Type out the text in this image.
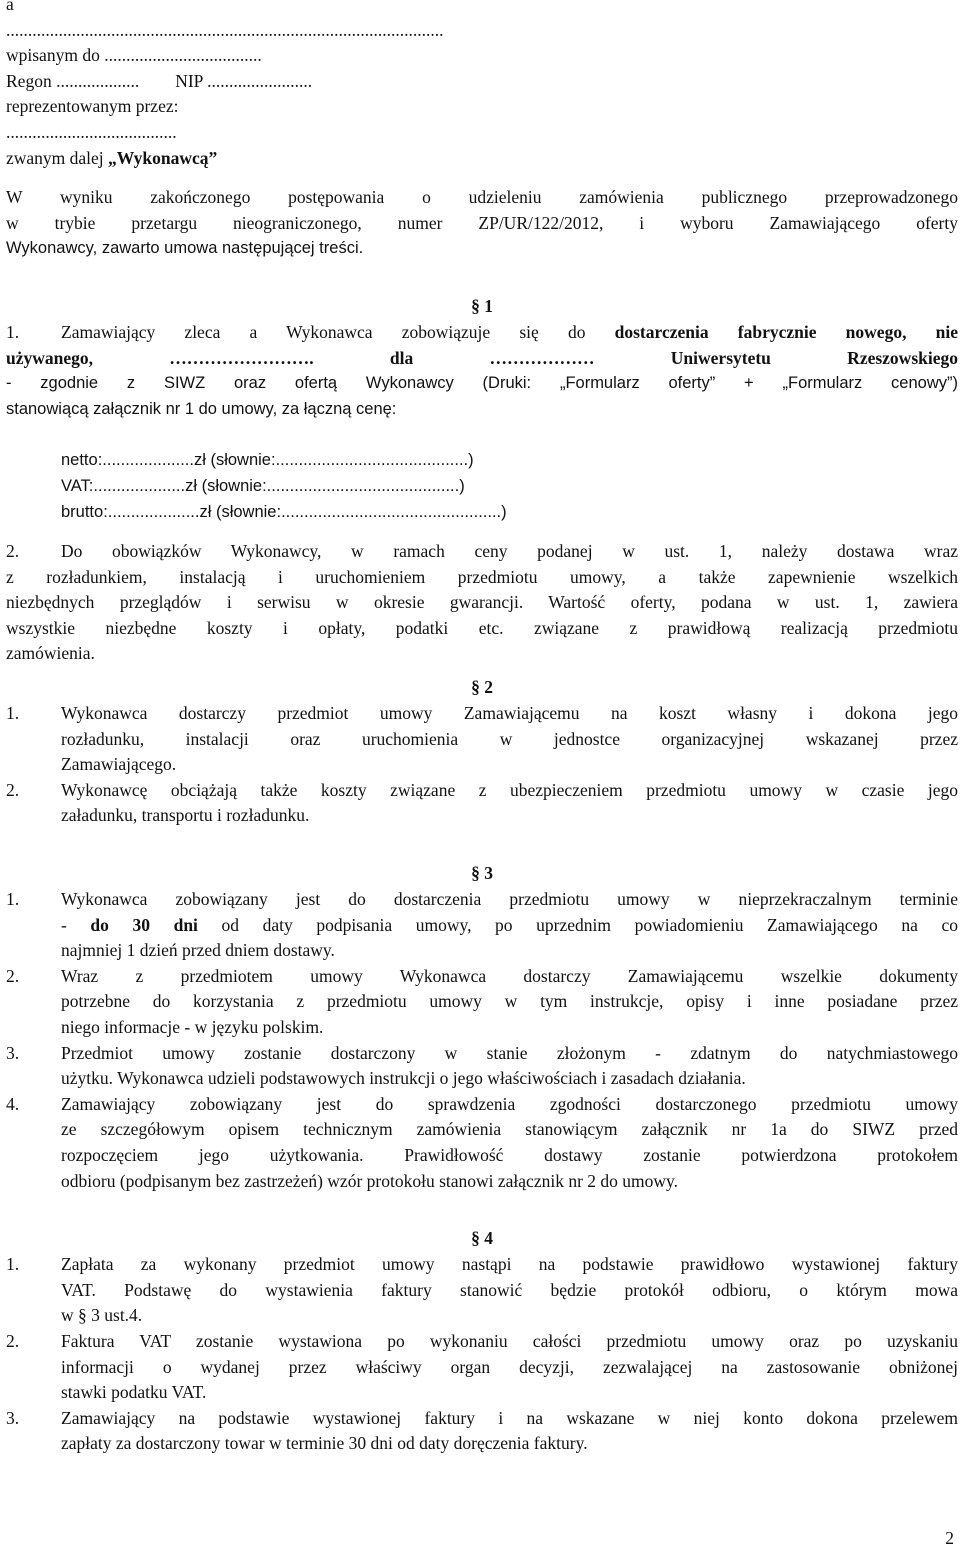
a
....................................................................................................
wpisanym do ....................................
Regon ................... NIP ........................
reprezentowanym przez:
.......................................
zwanym dalej „Wykonawcą”
W wyniku zakończonego postępowania o udzieleniu zamówienia publicznego przeprowadzonego
w trybie przetargu nieograniczonego, numer ZP/UR/122/2012, i wyboru Zamawiającego oferty
Wykonawcy, zawarto umowa następującej treści.
§ 1
1. Zamawiający zleca a Wykonawca zobowiązuje się do dostarczenia fabrycznie nowego, nie
używanego, ……………………. dla ……………… Uniwersytetu Rzeszowskiego
- zgodnie z SIWZ oraz ofertą Wykonawcy (Druki: „Formularz oferty” + „Formularz cenowy”)
stanowiącą załącznik nr 1 do umowy, za łączną cenę:
netto:....................zł (słownie:..........................................)
VAT:....................zł (słownie:..........................................)
brutto:....................zł (słownie:................................................)
2. Do obowiązków Wykonawcy, w ramach ceny podanej w ust. 1, należy dostawa wraz
z rozładunkiem, instalacją i uruchomieniem przedmiotu umowy, a także zapewnienie wszelkich
niezbędnych przeglądów i serwisu w okresie gwarancji. Wartość oferty, podana w ust. 1, zawiera
wszystkie niezbędne koszty i opłaty, podatki etc. związane z prawidłową realizacją przedmiotu
zamówienia.
§ 2
1. Wykonawca dostarczy przedmiot umowy Zamawiającemu na koszt własny i dokona jego
rozładunku, instalacji oraz uruchomienia w jednostce organizacyjnej wskazanej przez
Zamawiającego.
2. Wykonawcę obciążają także koszty związane z ubezpieczeniem przedmiotu umowy w czasie jego
załadunku, transportu i rozładunku.
§ 3
1. Wykonawca zobowiązany jest do dostarczenia przedmiotu umowy w nieprzekraczalnym terminie
- do 30 dni od daty podpisania umowy, po uprzednim powiadomieniu Zamawiającego na co
najmniej 1 dzień przed dniem dostawy.
2. Wraz z przedmiotem umowy Wykonawca dostarczy Zamawiającemu wszelkie dokumenty
potrzebne do korzystania z przedmiotu umowy w tym instrukcje, opisy i inne posiadane przez
niego informacje - w języku polskim.
3. Przedmiot umowy zostanie dostarczony w stanie złożonym - zdatnym do natychmiastowego
użytku. Wykonawca udzieli podstawowych instrukcji o jego właściwościach i zasadach działania.
4. Zamawiający zobowiązany jest do sprawdzenia zgodności dostarczonego przedmiotu umowy
ze szczegółowym opisem technicznym zamówienia stanowiącym załącznik nr 1a do SIWZ przed
rozpoczęciem jego użytkowania. Prawidłowość dostawy zostanie potwierdzona protokołem
odbioru (podpisanym bez zastrzeżeń) wzór protokołu stanowi załącznik nr 2 do umowy.
§ 4
1. Zapłata za wykonany przedmiot umowy nastąpi na podstawie prawidłowo wystawionej faktury
VAT. Podstawę do wystawienia faktury stanowić będzie protokół odbioru, o którym mowa
w § 3 ust.4.
2. Faktura VAT zostanie wystawiona po wykonaniu całości przedmiotu umowy oraz po uzyskaniu
informacji o wydanej przez właściwy organ decyzji, zezwalającej na zastosowanie obniżonej
stawki podatku VAT.
3. Zamawiający na podstawie wystawionej faktury i na wskazane w niej konto dokona przelewem
zapłaty za dostarczony towar w terminie 30 dni od daty doręczenia faktury.
2
